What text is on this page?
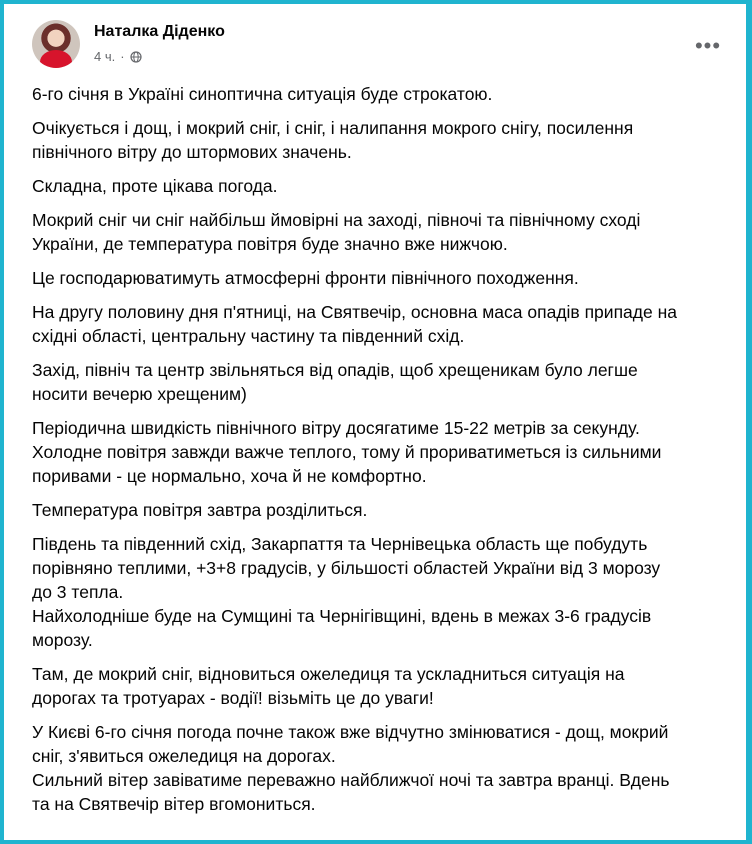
Наталка Діденко
4 ч. ·	•••

6-го січня в Україні синоптична ситуація буде строкатою.

Очікується і дощ, і мокрий сніг, і сніг, і налипання мокрого снігу, посилення
північного вітру до штормових значень.

Складна, проте цікава погода.

Мокрий сніг чи сніг найбільш ймовірні на заході, півночі та північному сході
України, де температура повітря буде значно вже нижчою.

Це господарюватимуть атмосферні фронти північного походження.

На другу половину дня п'ятниці, на Святвечір, основна маса опадів припаде на
східні області, центральну частину та південний схід.

Захід, північ та центр звільняться від опадів, щоб хрещеникам було легше
носити вечерю хрещеним)

Періодична швидкість північного вітру досягатиме 15-22 метрів за секунду.
Холодне повітря завжди важче теплого, тому й прориватиметься із сильними
поривами - це нормально, хоча й не комфортно.

Температура повітря завтра розділиться.

Південь та південний схід, Закарпаття та Чернівецька область ще побудуть
порівняно теплими, +3+8 градусів, у більшості областей України від 3 морозу
до 3 тепла.
Найхолодніше буде на Сумщині та Чернігівщині, вдень в межах 3-6 градусів
морозу.

Там, де мокрий сніг, відновиться ожеледиця та ускладниться ситуація на
дорогах та тротуарах - водії! візьміть це до уваги!

У Києві 6-го січня погода почне також вже відчутно змінюватися - дощ, мокрий
сніг, з'явиться ожеледиця на дорогах.
Сильний вітер завіватиме переважно найближчої ночі та завтра вранці. Вдень
та на Святвечір вітер вгомониться.
